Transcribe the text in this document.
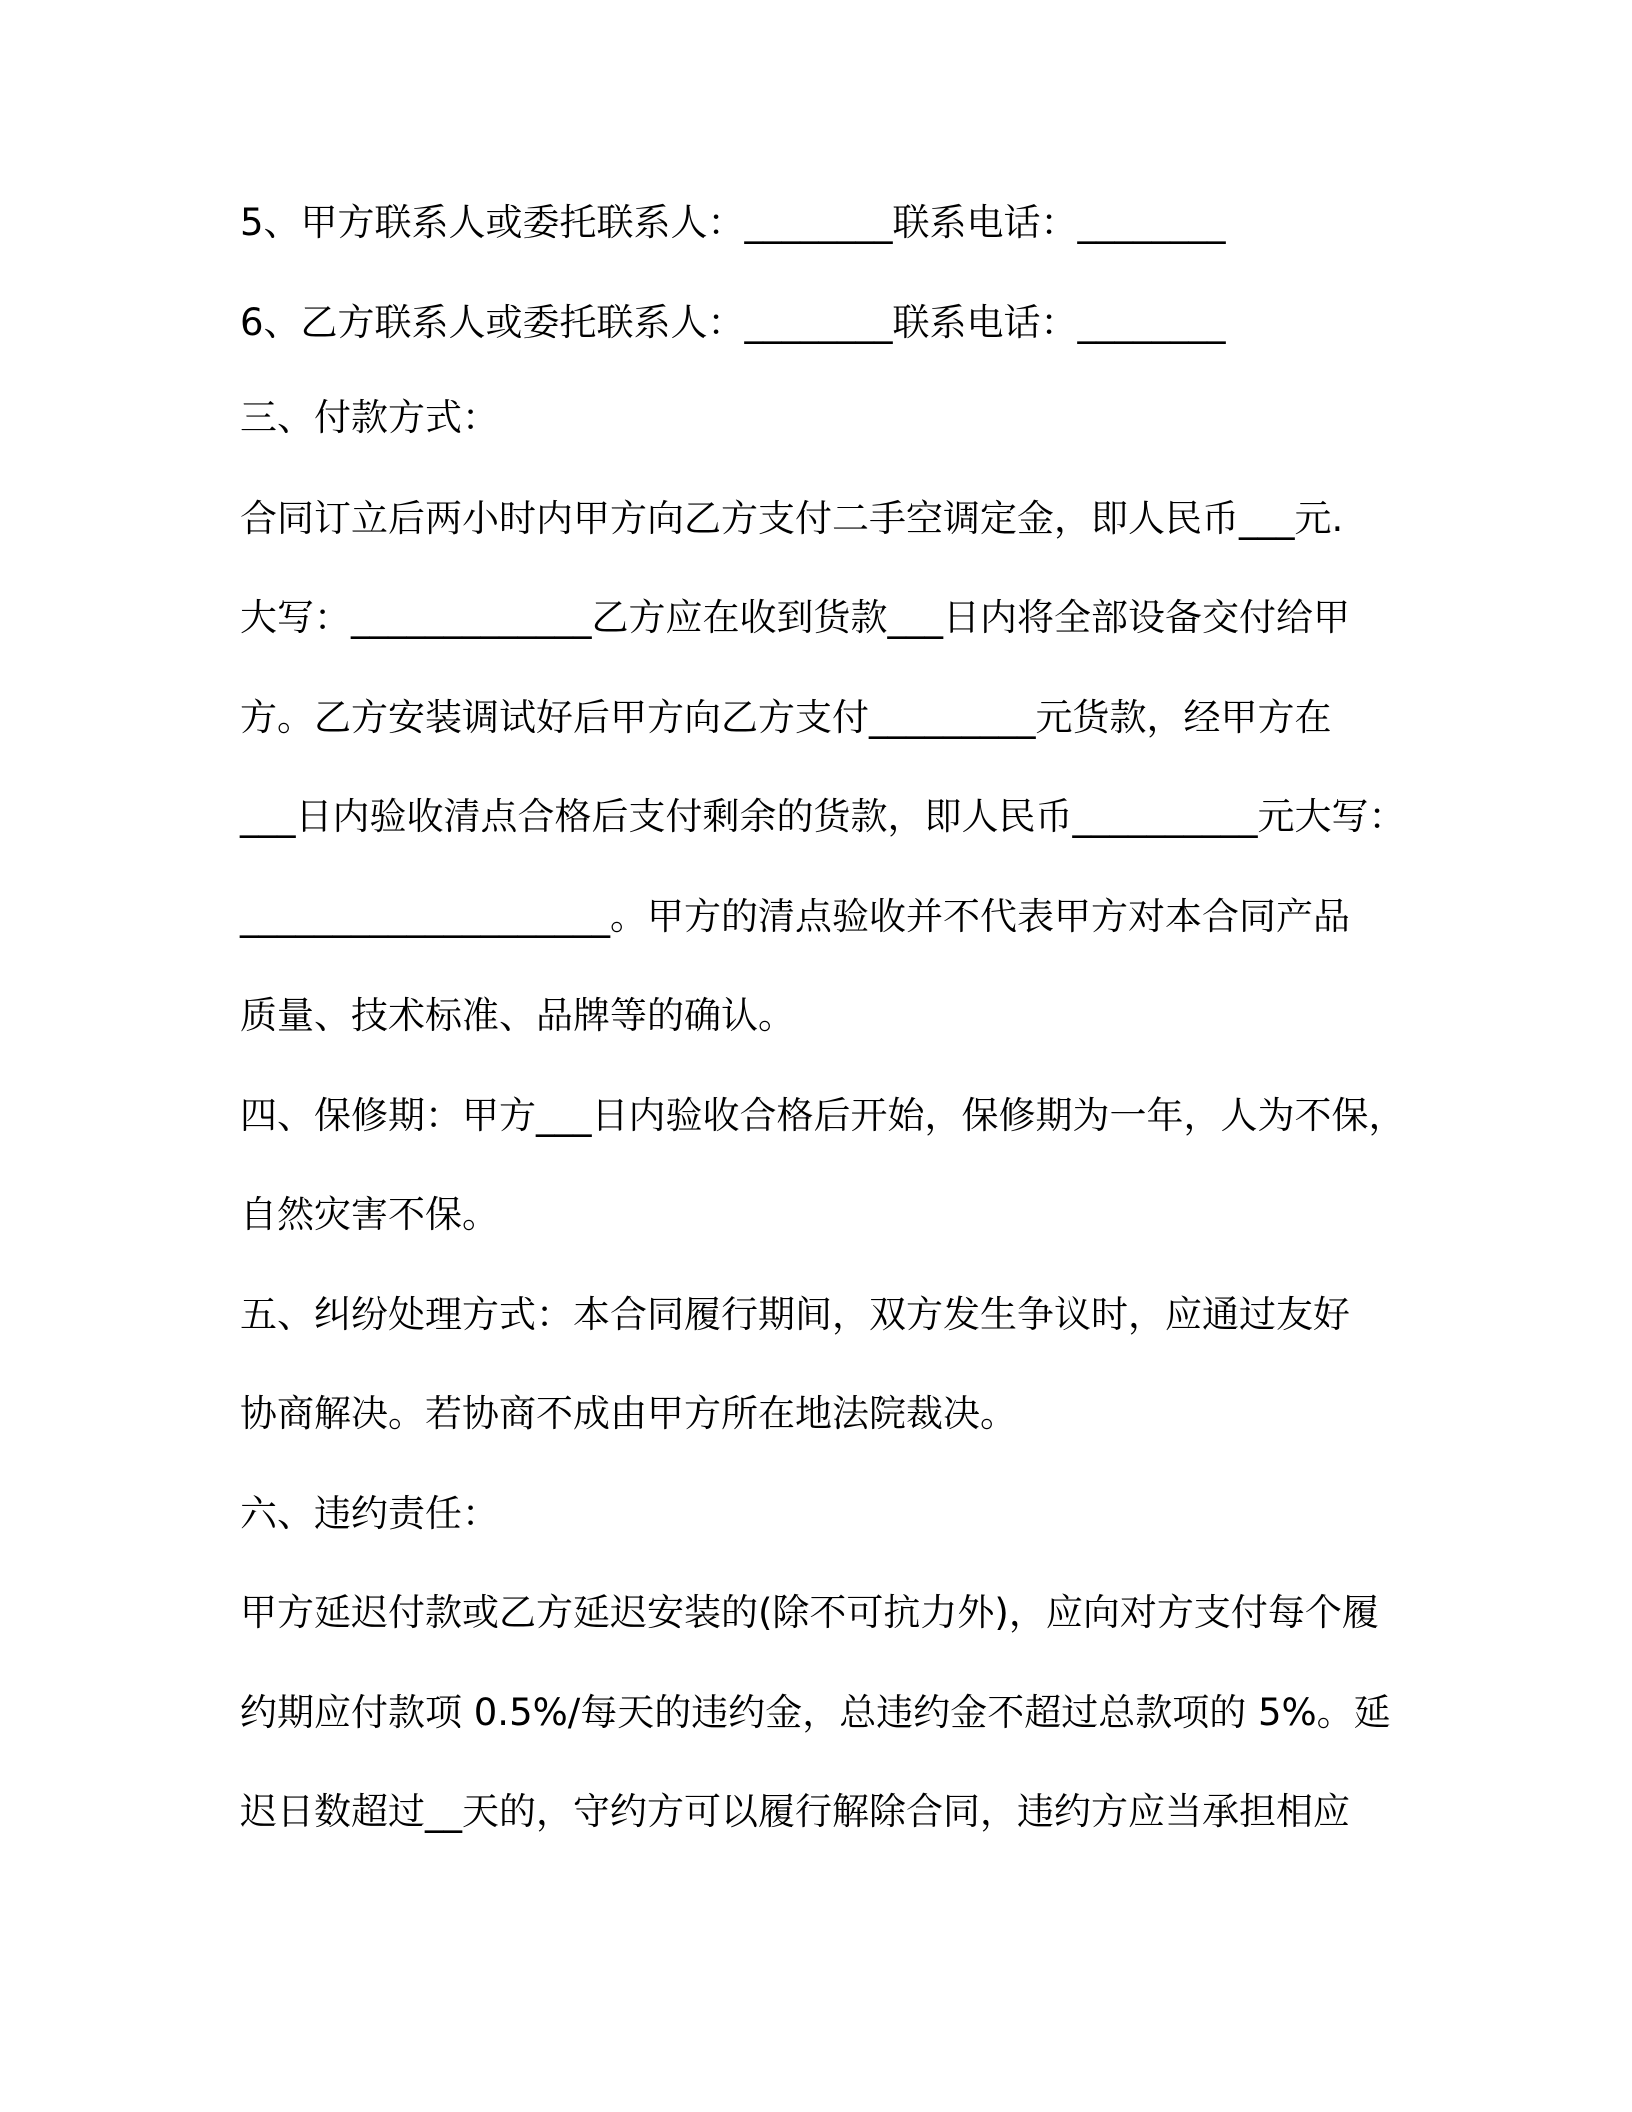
5、甲方联系人或委托联系人：________联系电话：________
6、乙方联系人或委托联系人：________联系电话：________
三、付款方式：
合同订立后两小时内甲方向乙方支付二手空调定金，即人民币___元.
大写：_____________乙方应在收到货款___日内将全部设备交付给甲
方。乙方安装调试好后甲方向乙方支付_________元货款，经甲方在
___日内验收清点合格后支付剩余的货款，即人民币__________元大写：
____________________。甲方的清点验收并不代表甲方对本合同产品
质量、技术标准、品牌等的确认。
四、保修期：甲方___日内验收合格后开始，保修期为一年，人为不保，
自然灾害不保。
五、纠纷处理方式：本合同履行期间，双方发生争议时，应通过友好
协商解决。若协商不成由甲方所在地法院裁决。
六、违约责任：
甲方延迟付款或乙方延迟安装的(除不可抗力外)，应向对方支付每个履
约期应付款项 0.5%/每天的违约金，总违约金不超过总款项的 5%。延
迟日数超过__天的，守约方可以履行解除合同，违约方应当承担相应
